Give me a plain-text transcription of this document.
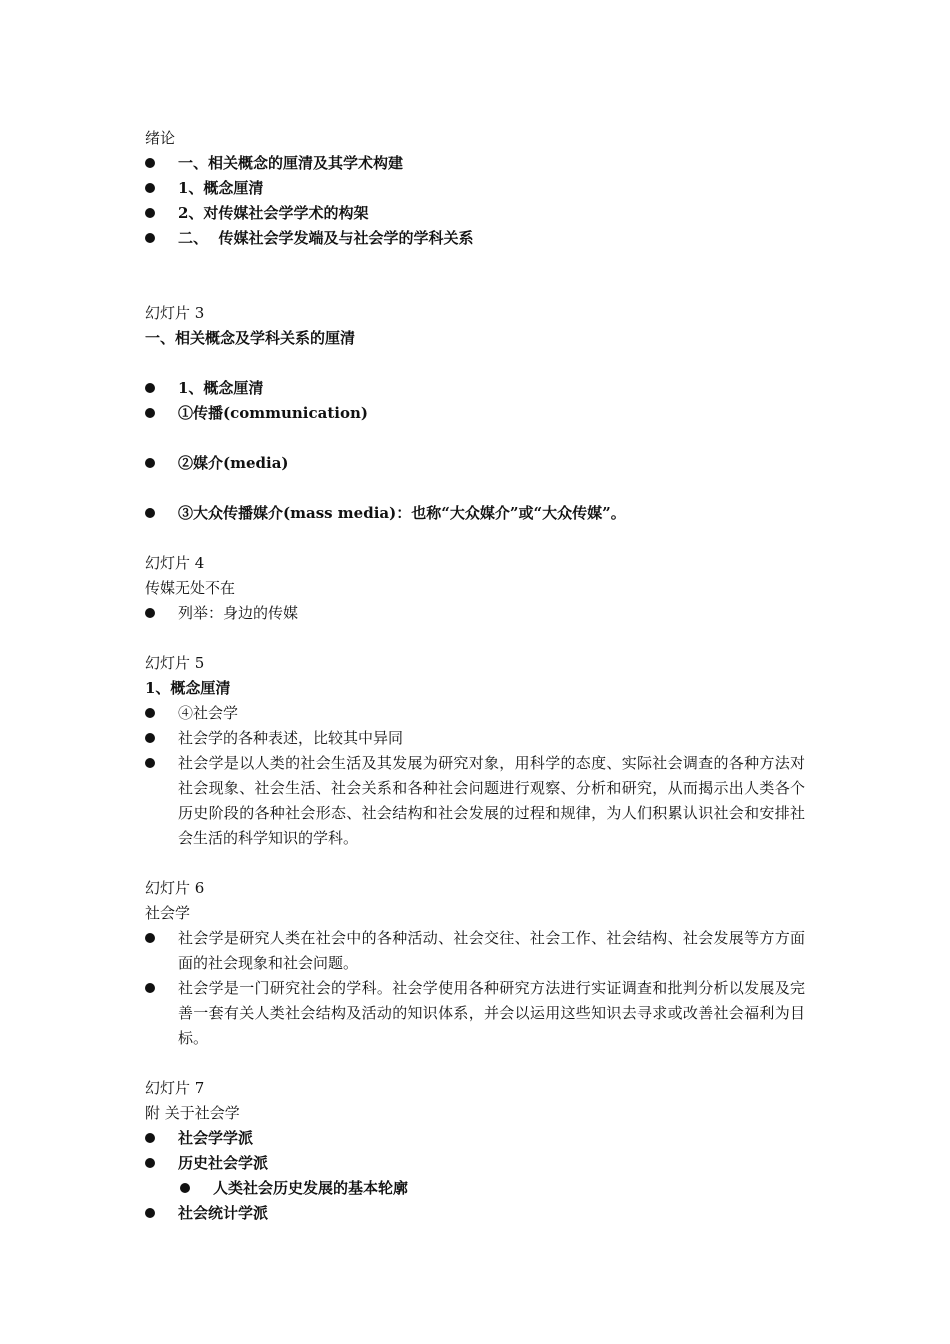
绪论
一、相关概念的厘清及其学术构建
1、概念厘清
2、对传媒社会学学术的构架
二、  传媒社会学发端及与社会学的学科关系
幻灯片 3
一、相关概念及学科关系的厘清
1、概念厘清
①传播(communication)
②媒介(media)
③大众传播媒介(mass media)：也称“大众媒介”或“大众传媒”。
幻灯片 4
传媒无处不在
列举：身边的传媒
幻灯片 5
1、概念厘清
④社会学
社会学的各种表述，比较其中异同
社会学是以人类的社会生活及其发展为研究对象，用科学的态度、实际社会调查的各种方法对社会现象、社会生活、社会关系和各种社会问题进行观察、分析和研究，从而揭示出人类各个历史阶段的各种社会形态、社会结构和社会发展的过程和规律，为人们积累认识社会和安排社会生活的科学知识的学科。
幻灯片 6
社会学
社会学是研究人类在社会中的各种活动、社会交往、社会工作、社会结构、社会发展等方方面面的社会现象和社会问题。
社会学是一门研究社会的学科。社会学使用各种研究方法进行实证调查和批判分析以发展及完善一套有关人类社会结构及活动的知识体系，并会以运用这些知识去寻求或改善社会福利为目标。
幻灯片 7
附 关于社会学
社会学学派
历史社会学派
人类社会历史发展的基本轮廓
社会统计学派
